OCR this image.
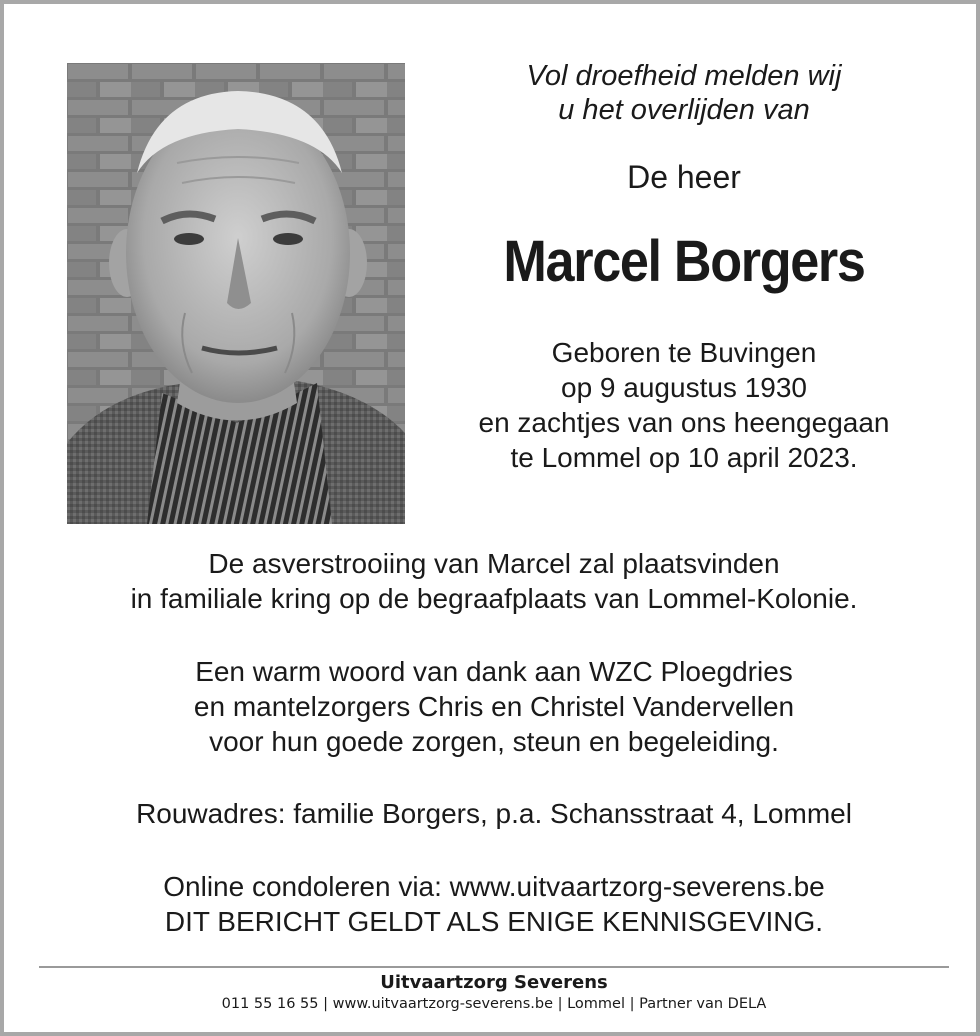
Vol droefheid melden wij
u het overlijden van
De heer
Marcel Borgers
Geboren te Buvingen
op 9 augustus 1930
en zachtjes van ons heengegaan
te Lommel op 10 april 2023.
De asverstrooiing van Marcel zal plaatsvinden
in familiale kring op de begraafplaats van Lommel-Kolonie.
Een warm woord van dank aan WZC Ploegdries
en mantelzorgers Chris en Christel Vandervellen
voor hun goede zorgen, steun en begeleiding.
Rouwadres: familie Borgers, p.a. Schansstraat 4, Lommel
Online condoleren via: www.uitvaartzorg-severens.be
DIT BERICHT GELDT ALS ENIGE KENNISGEVING.
Uitvaartzorg Severens
011 55 16 55 | www.uitvaartzorg-severens.be | Lommel | Partner van DELA
